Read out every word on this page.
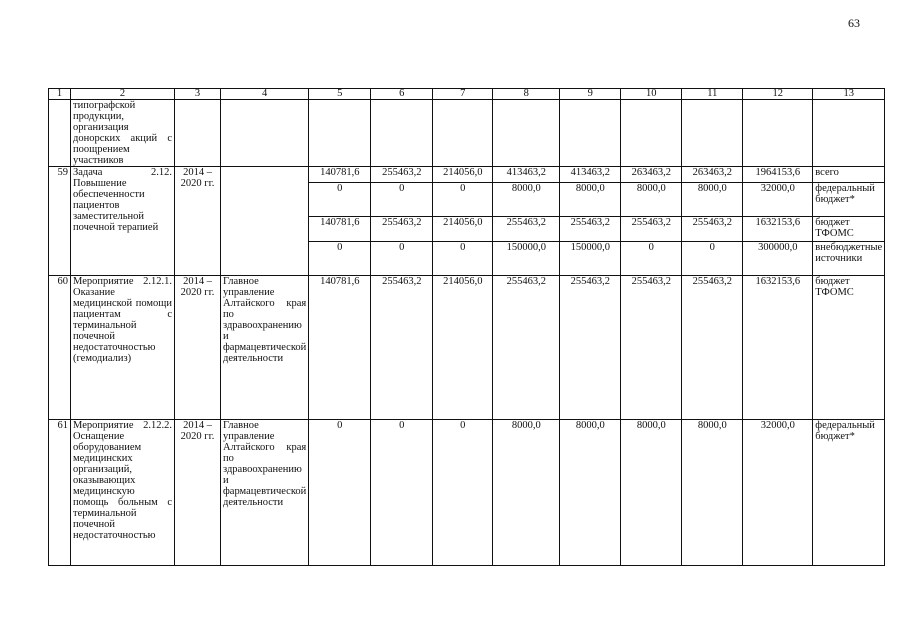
63
1	2	3	4	5	6	7	8	9	10	11	12	13
	типографской продукции, организация донорских акций с поощрением участников											
59	Задача 2.12. Повышение обеспеченности пациентов заместительной почечной терапией	2014 – 2020 гг.		140781,6	255463,2	214056,0	413463,2	413463,2	263463,2	263463,2	1964153,6	всего
				0	0	0	8000,0	8000,0	8000,0	8000,0	32000,0	федеральный бюджет*
				140781,6	255463,2	214056,0	255463,2	255463,2	255463,2	255463,2	1632153,6	бюджет ТФОМС
				0	0	0	150000,0	150000,0	0	0	300000,0	внебюджетные источники
60	Мероприятие 2.12.1. Оказание медицинской помощи пациентам с терминальной почечной недостаточностью (гемодиализ)	2014 – 2020 гг.	Главное управление Алтайского края по здравоохранению и фармацевтической деятельности	140781,6	255463,2	214056,0	255463,2	255463,2	255463,2	255463,2	1632153,6	бюджет ТФОМС
61	Мероприятие 2.12.2. Оснащение оборудованием медицинских организаций, оказывающих медицинскую помощь больным с терминальной почечной недостаточностью	2014 – 2020 гг.	Главное управление Алтайского края по здравоохранению и фармацевтической деятельности	0	0	0	8000,0	8000,0	8000,0	8000,0	32000,0	федеральный бюджет*
